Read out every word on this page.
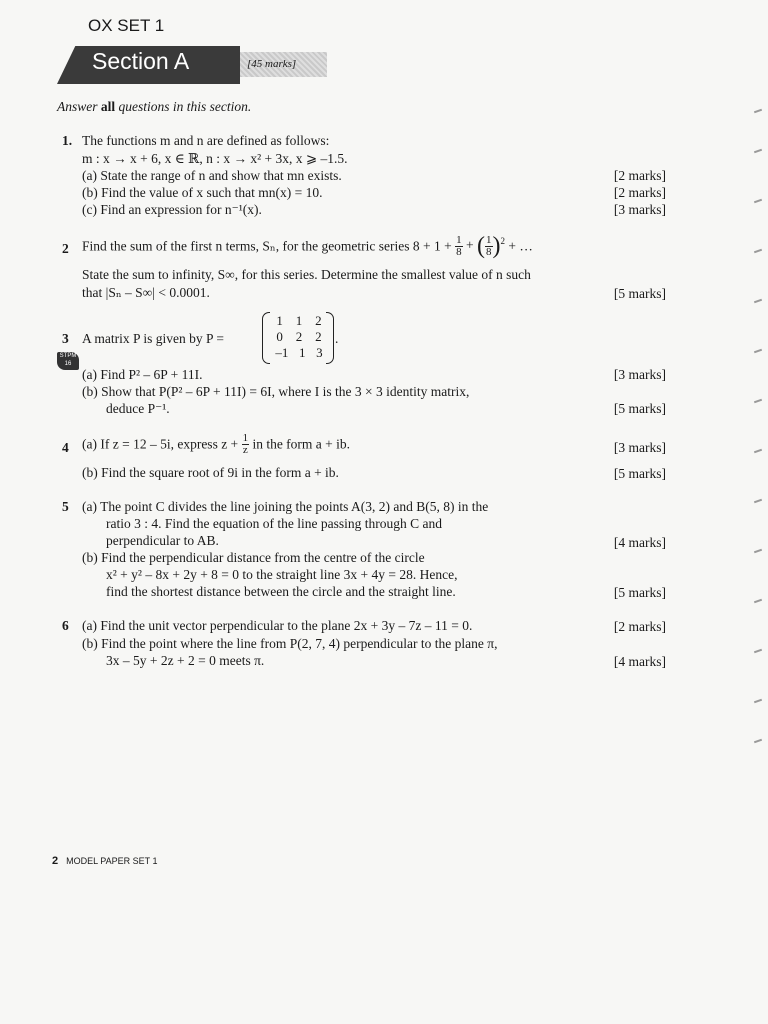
OX SET 1
Section A	[45 marks]
Answer all questions in this section.
1. The functions m and n are defined as follows:
m : x → x + 6, x ∈ ℝ, n : x → x² + 3x, x ⩾ –1.5.
(a) State the range of n and show that mn exists.
(b) Find the value of x such that mn(x) = 10.
(c) Find an expression for n⁻¹(x).
[2 marks]
[2 marks]
[3 marks]
2 Find the sum of the first n terms, Sₙ, for the geometric series $8 + 1 + \frac{1}{8}$ + ( $\frac{1}{8} )^2$ + …
State the sum to infinity, S∞, for this series. Determine the smallest value of n such
that |Sₙ – S∞| < 0.0001.	[5 marks]
3 A matrix P is given by P =
1 1 2
0 2 2
–1 1 3
.
STPM 16
(a) Find P² – 6P + 11I.
(b) Show that P(P² – 6P + 11I) = 6I, where I is the 3 × 3 identity matrix,
deduce P⁻¹.
[3 marks]
[5 marks]
4 (a) If z = 12 – 5i, express $z + \frac{1}{z}$ in the form a + ib.
(b) Find the square root of 9i in the form a + ib.
[3 marks]
[5 marks]
5 (a) The point C divides the line joining the points A(3, 2) and B(5, 8) in the
ratio 3 : 4. Find the equation of the line passing through C and
perpendicular to AB.
(b) Find the perpendicular distance from the centre of the circle
x² + y² – 8x + 2y + 8 = 0 to the straight line 3x + 4y = 28. Hence,
find the shortest distance between the circle and the straight line.
[4 marks]
[5 marks]
6 (a) Find the unit vector perpendicular to the plane 2x + 3y – 7z – 11 = 0.
(b) Find the point where the line from P(2, 7, 4) perpendicular to the plane π,
3x – 5y + 2z + 2 = 0 meets π.
[2 marks]
[4 marks]
2 MODEL PAPER SET 1
